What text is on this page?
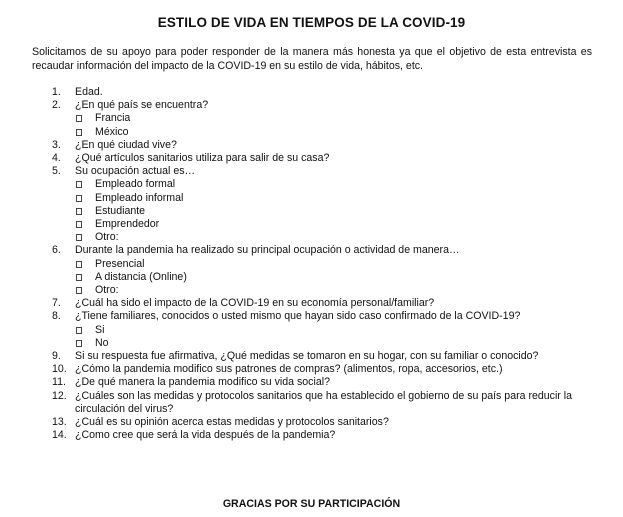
ESTILO DE VIDA EN TIEMPOS DE LA COVID-19
Solicitamos de su apoyo para poder responder de la manera más honesta ya que el objetivo de esta entrevista es recaudar información del impacto de la COVID-19 en su estilo de vida, hábitos, etc.
1.	Edad.
2.	¿En qué país se encuentra?
Francia
México
3.	¿En qué ciudad vive?
4.	¿Qué artículos sanitarios utiliza para salir de su casa?
5.	Su ocupación actual es…
Empleado formal
Empleado informal
Estudiante
Emprendedor
Otro:
6.	Durante la pandemia ha realizado su principal ocupación o actividad de manera…
Presencial
A distancia (Online)
Otro:
7.	¿Cuál ha sido el impacto de la COVID-19 en su economía personal/familiar?
8.	¿Tiene familiares, conocidos o usted mismo que hayan sido caso confirmado de la COVID-19?
Si
No
9.	Si su respuesta fue afirmativa, ¿Qué medidas se tomaron en su hogar, con su familiar o conocido?
10. ¿Cómo la pandemia modifico sus patrones de compras? (alimentos, ropa, accesorios, etc.)
11. ¿De qué manera la pandemia modifico su vida social?
12. ¿Cuáles son las medidas y protocolos sanitarios que ha establecido el gobierno de su país para reducir la circulación del virus?
13. ¿Cuál es su opinión acerca estas medidas y protocolos sanitarios?
14. ¿Como cree que será la vida después de la pandemia?
GRACIAS POR SU PARTICIPACIÓN
